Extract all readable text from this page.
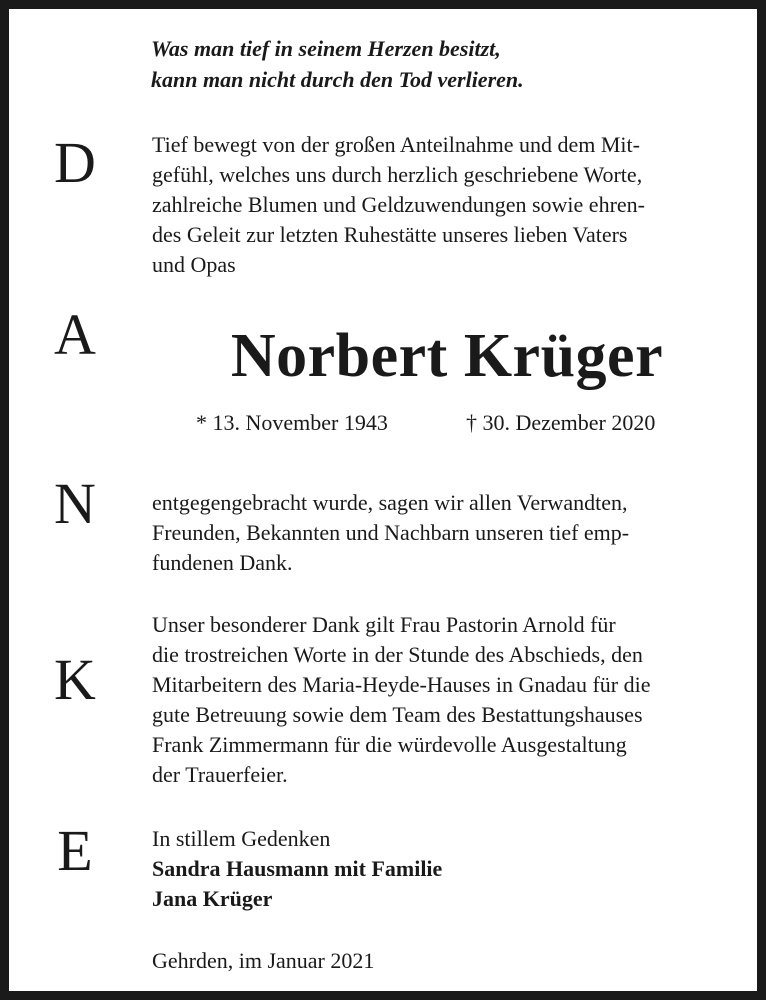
Was man tief in seinem Herzen besitzt,
kann man nicht durch den Tod verlieren.
D
A
N
K
E
Tief bewegt von der großen Anteilnahme und dem Mit-
gefühl, welches uns durch herzlich geschriebene Worte,
zahlreiche Blumen und Geldzuwendungen sowie ehren-
des Geleit zur letzten Ruhestätte unseres lieben Vaters
und Opas
Norbert Krüger
* 13. November 1943	† 30. Dezember 2020
entgegengebracht wurde, sagen wir allen Verwandten,
Freunden, Bekannten und Nachbarn unseren tief emp-
fundenen Dank.
Unser besonderer Dank gilt Frau Pastorin Arnold für
die trostreichen Worte in der Stunde des Abschieds, den
Mitarbeitern des Maria-Heyde-Hauses in Gnadau für die
gute Betreuung sowie dem Team des Bestattungshauses
Frank Zimmermann für die würdevolle Ausgestaltung
der Trauerfeier.
In stillem Gedenken
Sandra Hausmann mit Familie
Jana Krüger
Gehrden, im Januar 2021
